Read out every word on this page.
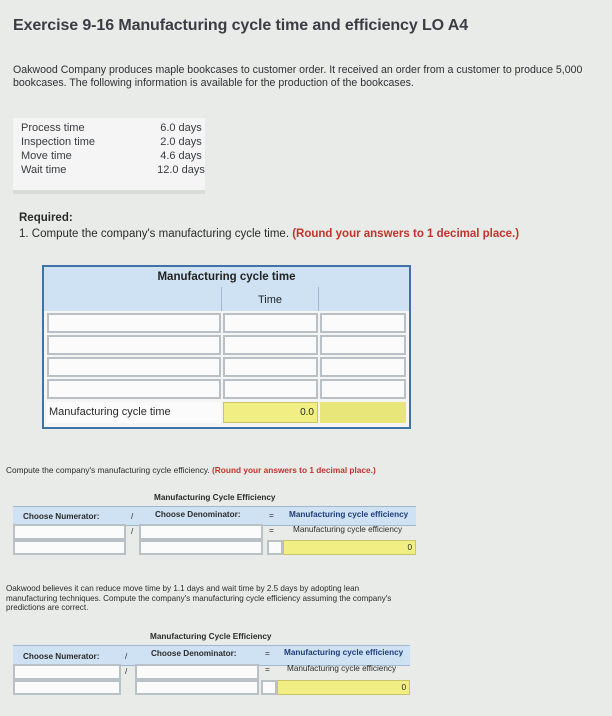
Exercise 9-16 Manufacturing cycle time and efficiency LO A4
Oakwood Company produces maple bookcases to customer order. It received an order from a customer to produce 5,000 bookcases. The following information is available for the production of the bookcases.
Process time	6.0 days
Inspection time	2.0 days
Move time	4.6 days
Wait time	12.0 days
Required:
1. Compute the company's manufacturing cycle time. (Round your answers to 1 decimal place.)
Manufacturing cycle time
Time
Manufacturing cycle time	0.0
Compute the company's manufacturing cycle efficiency. (Round your answers to 1 decimal place.)
Manufacturing Cycle Efficiency
Choose Numerator:	/	Choose Denominator:	= Manufacturing cycle efficiency
/	= Manufacturing cycle efficiency
0
Oakwood believes it can reduce move time by 1.1 days and wait time by 2.5 days by adopting lean manufacturing techniques. Compute the company's manufacturing cycle efficiency assuming the company's predictions are correct.
Manufacturing Cycle Efficiency
Choose Numerator:	/	Choose Denominator:	= Manufacturing cycle efficiency
/	= Manufacturing cycle efficiency
0
